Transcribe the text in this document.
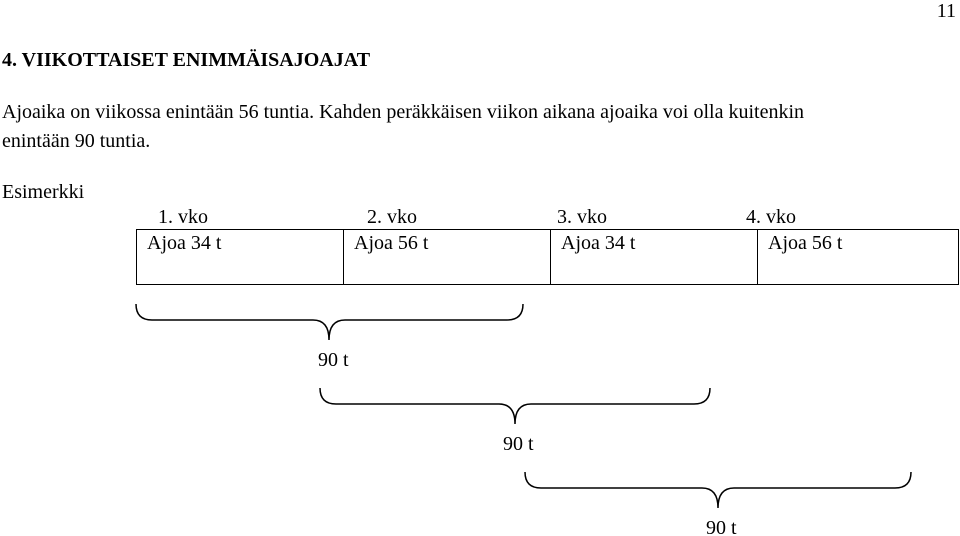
11
4. VIIKOTTAISET ENIMMÄISAJOAJAT
Ajoaika on viikossa enintään 56 tuntia. Kahden peräkkäisen viikon aikana ajoaika voi olla kuitenkin
enintään 90 tuntia.
Esimerkki
1. vko	2. vko	3. vko	4. vko
Ajoa 34 t	Ajoa 56 t	Ajoa 34 t	Ajoa 56 t
90 t
90 t
90 t
